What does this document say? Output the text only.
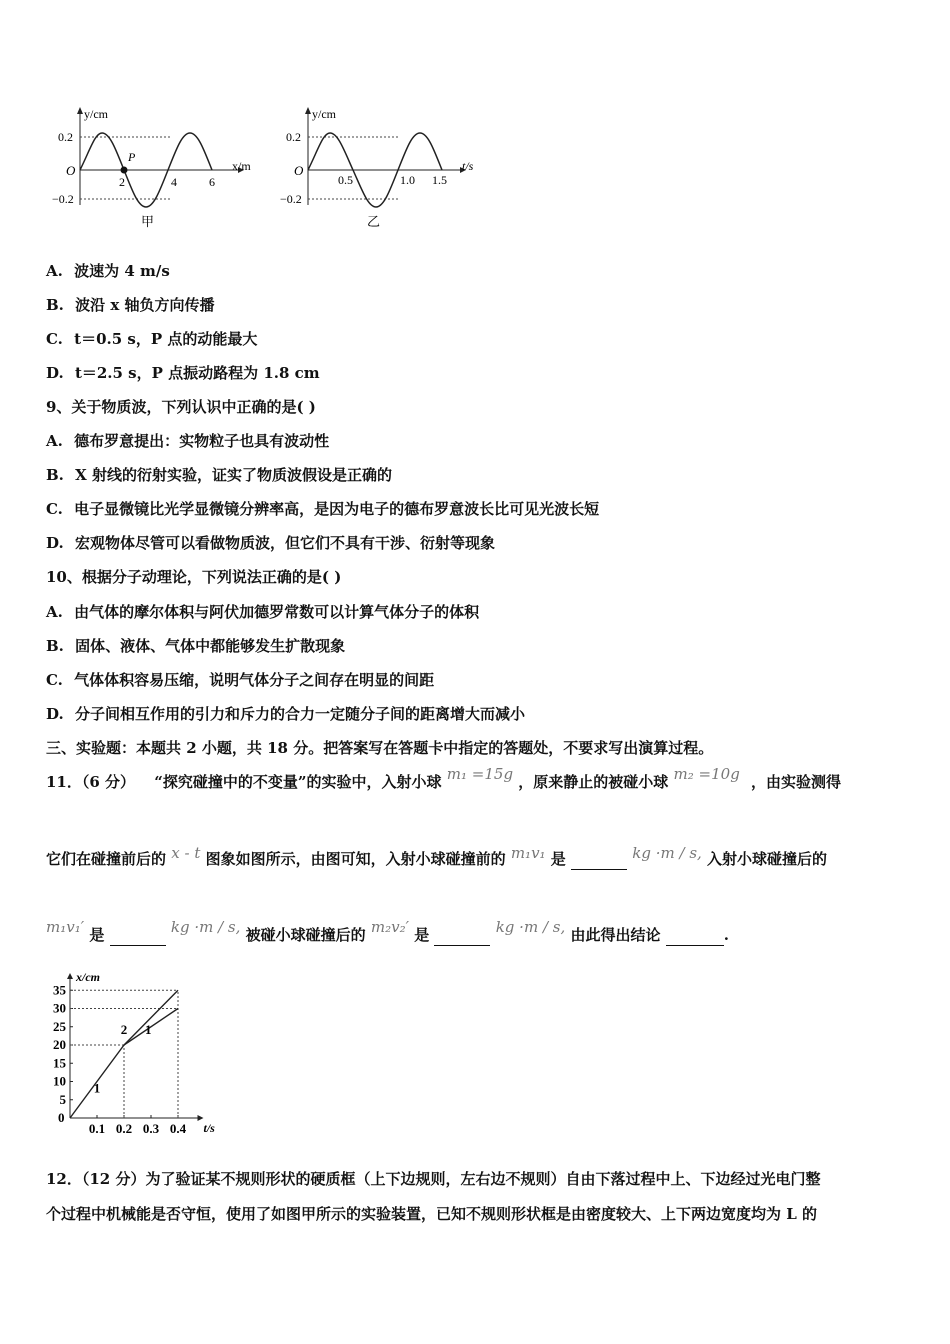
y/cm
x/m
O
0.2
−0.2
2	4	6
P
甲
y/cm
t/s
O
0.2
−0.2
0.5	1.0 1.5
乙
A. 波速为 4 m/s
B. 波沿 x 轴负方向传播
C. t＝0.5 s，P 点的动能最大
D. t＝2.5 s，P 点振动路程为 1.8 cm
9、关于物质波，下列认识中正确的是( )
A. 德布罗意提出：实物粒子也具有波动性
B. X 射线的衍射实验，证实了物质波假设是正确的
C. 电子显微镜比光学显微镜分辨率高，是因为电子的德布罗意波长比可见光波长短
D. 宏观物体尽管可以看做物质波，但它们不具有干涉、衍射等现象
10、根据分子动理论，下列说法正确的是( )
A. 由气体的摩尔体积与阿伏加德罗常数可以计算气体分子的体积
B. 固体、液体、气体中都能够发生扩散现象
C. 气体体积容易压缩，说明气体分子之间存在明显的间距
D. 分子间相互作用的引力和斥力的合力一定随分子间的距离增大而减小
三、实验题：本题共 2 小题，共 18 分。把答案写在答题卡中指定的答题处，不要求写出演算过程。
11．（6 分） “探究碰撞中的不变量”的实验中，入射小球 m₁ =15g ，原来静止的被碰小球 m₂ =10g ，由实验测得
它们在碰撞前后的 x - t 图象如图所示，由图可知，入射小球碰撞前的 m₁v₁ 是	kg ·m / s, 入射小球碰撞后的
m₁v₁′ 是	kg ·m / s, 被碰小球碰撞后的 m₂v₂′ 是	kg ·m / s, 由此得出结论	.
x/cm
t/s
0
5
10
15
20
25
30
35
0.1 0.2 0.3 0.4
1
2 1
12．（12 分）为了验证某不规则形状的硬质框（上下边规则，左右边不规则）自由下落过程中上、下边经过光电门整
个过程中机械能是否守恒，使用了如图甲所示的实验装置，已知不规则形状框是由密度较大、上下两边宽度均为 L 的
